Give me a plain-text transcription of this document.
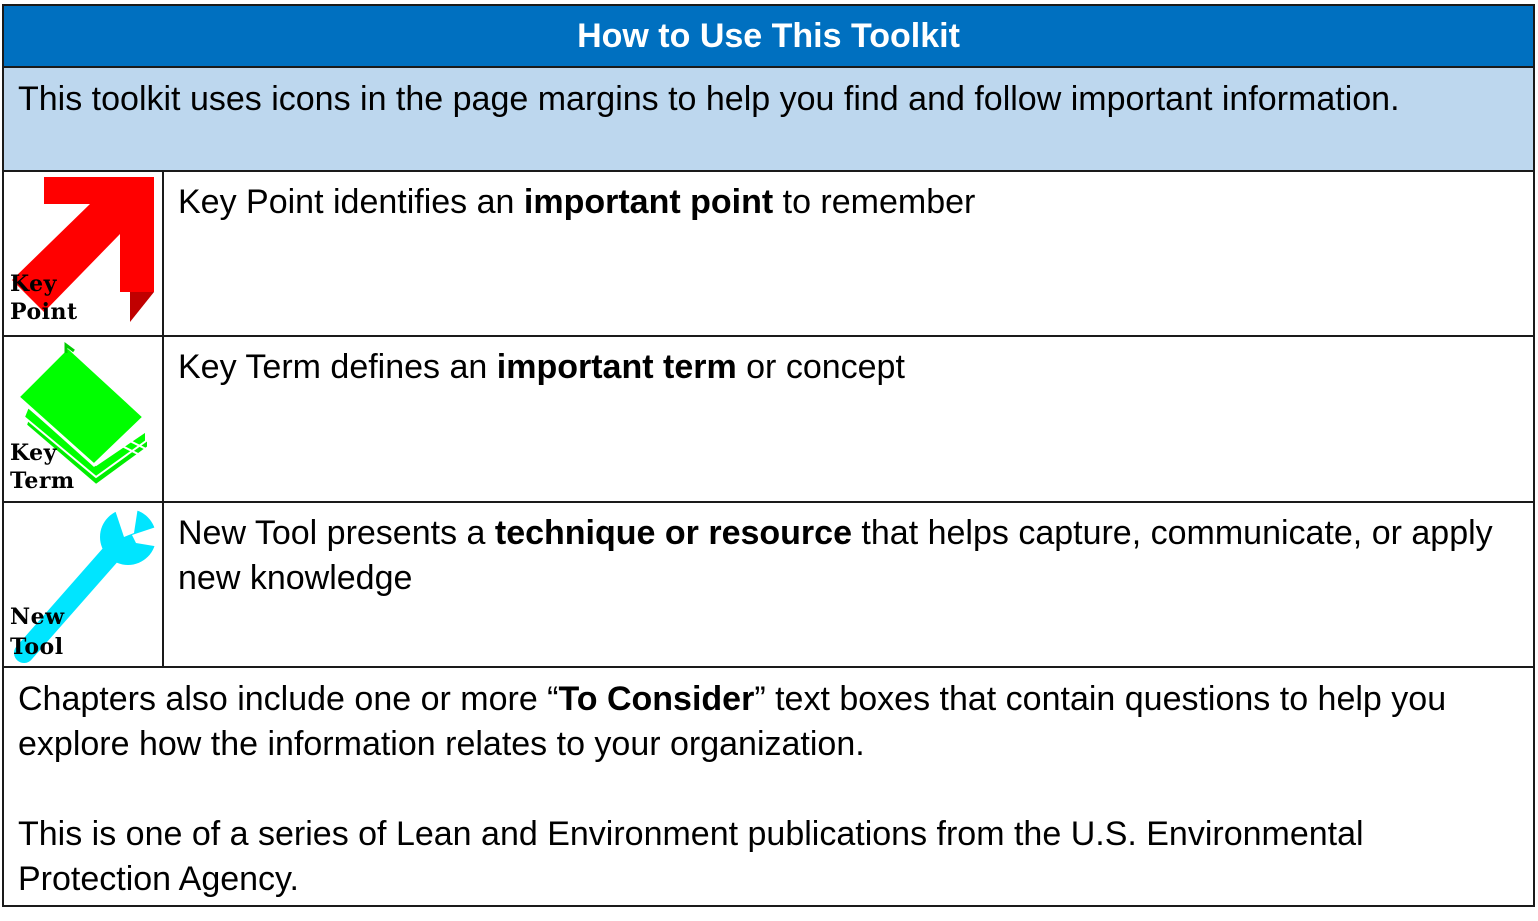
How to Use This Toolkit
This toolkit uses icons in the page margins to help you find and follow important information.
Key
Point
Key Point identifies an important point to remember
Key
Term
Key Term defines an important term or concept
New
Tool
New Tool presents a technique or resource that helps capture, communicate, or apply new knowledge

Chapters also include one or more “To Consider” text boxes that contain questions to help you explore how the information relates to your organization.

This is one of a series of Lean and Environment publications from the U.S. Environmental Protection Agency.
